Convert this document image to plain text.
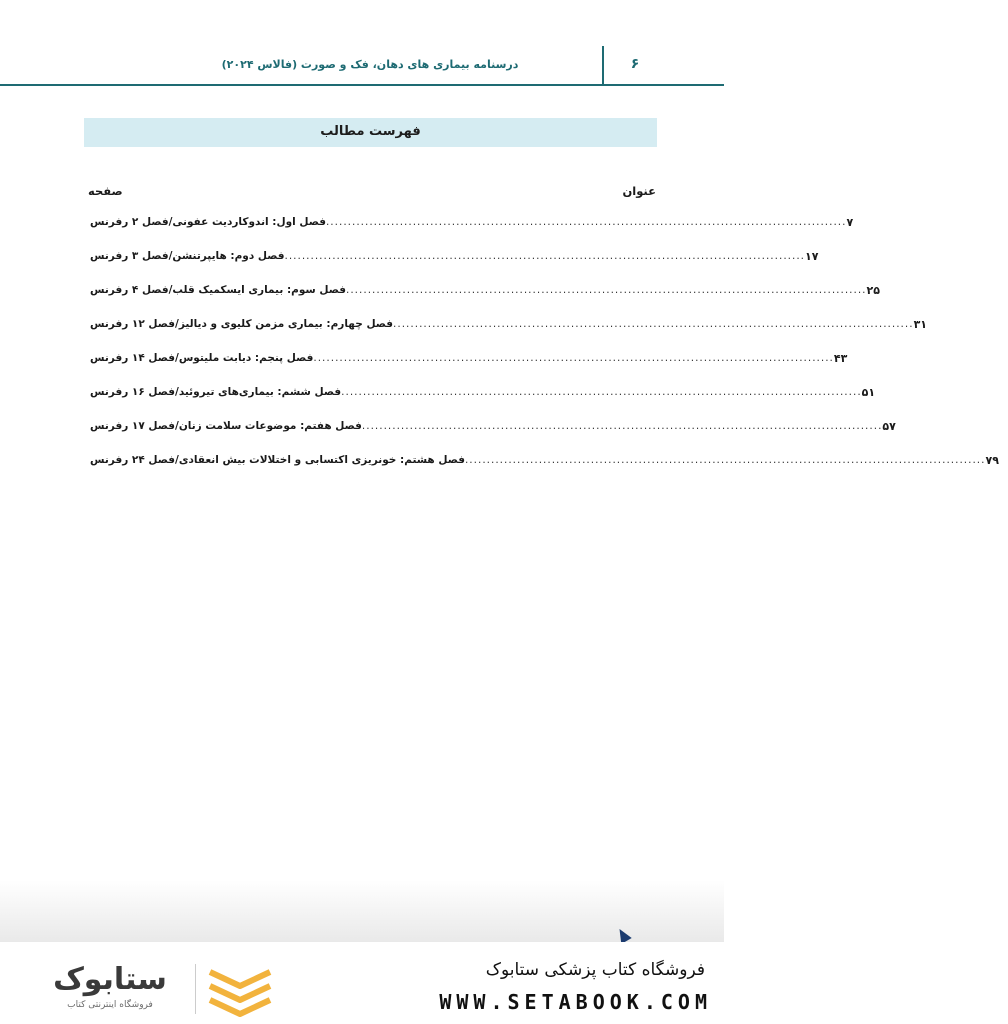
درسنامه بیماری های دهان، فک و صورت (فالاس ۲۰۲۴)	۶
فهرست مطالب
عنوان
صفحه
فصل اول: اندوکاردیت عفونی/فصل ۲ رفرنس ........................................................................................................................ ۷
فصل دوم: هایپرتنشن/فصل ۳ رفرنس ........................................................................................................................ ۱۷
فصل سوم: بیماری ایسکمیک قلب/فصل ۴ رفرنس ........................................................................................................................ ۲۵
فصل چهارم: بیماری مزمن کلیوی و دیالیز/فصل ۱۲ رفرنس ........................................................................................................................ ۳۱
فصل پنجم: دیابت ملیتوس/فصل ۱۴ رفرنس ........................................................................................................................ ۴۳
فصل ششم: بیماری‌های تیروئید/فصل ۱۶ رفرنس ........................................................................................................................ ۵۱
فصل هفتم: موضوعات سلامت زنان/فصل ۱۷ رفرنس ........................................................................................................................ ۵۷
فصل هشتم: خونریزی اکتسابی و اختلالات بیش انعقادی/فصل ۲۴ رفرنس ........................................................................................................................ ۷۹
فروشگاه کتاب پزشکی ستابوک
WWW.SETABOOK.COM
ستابوک
فروشگاه اینترنتی کتاب
